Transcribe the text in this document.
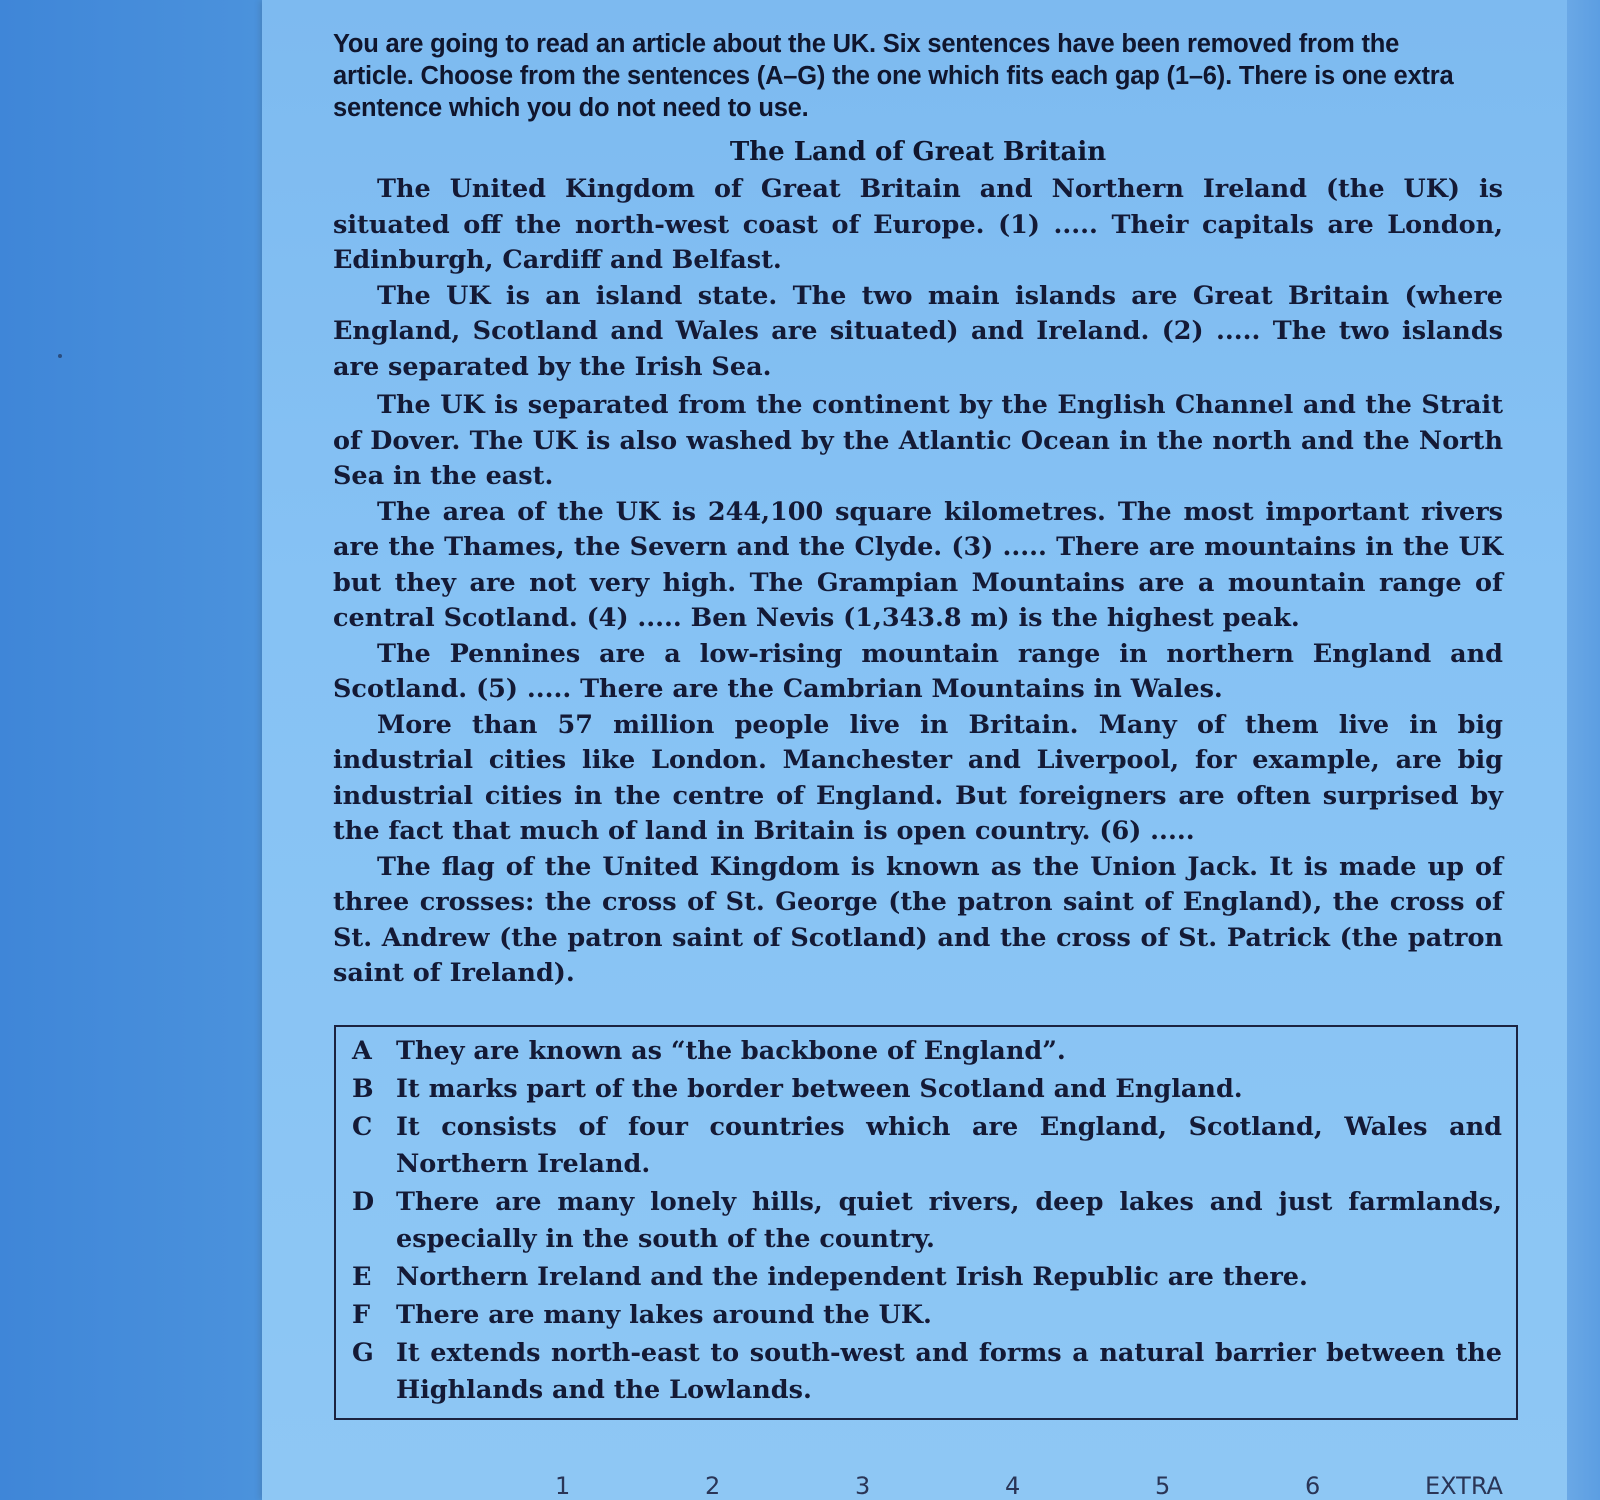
You are going to read an article about the UK. Six sentences have been removed from the article. Choose from the sentences (A–G) the one which fits each gap (1–6). There is one extra sentence which you do not need to use.
The Land of Great Britain

The United Kingdom of Great Britain and Northern Ireland (the UK) is situated off the north-west coast of Europe. (1) ..... Their capitals are London, Edinburgh, Cardiff and Belfast.

The UK is an island state. The two main islands are Great Britain (where England, Scotland and Wales are situated) and Ireland. (2) ..... The two islands are separated by the Irish Sea.

The UK is separated from the continent by the English Channel and the Strait of Dover. The UK is also washed by the Atlantic Ocean in the north and the North Sea in the east.

The area of the UK is 244,100 square kilometres. The most important rivers are the Thames, the Severn and the Clyde. (3) ..... There are mountains in the UK but they are not very high. The Grampian Mountains are a mountain range of central Scotland. (4) ..... Ben Nevis (1,343.8 m) is the highest peak.

The Pennines are a low-rising mountain range in northern England and Scotland. (5) ..... There are the Cambrian Mountains in Wales.

More than 57 million people live in Britain. Many of them live in big industrial cities like London. Manchester and Liverpool, for example, are big industrial cities in the centre of England. But foreigners are often surprised by the fact that much of land in Britain is open country. (6) .....

The flag of the United Kingdom is known as the Union Jack. It is made up of three crosses: the cross of St. George (the patron saint of England), the cross of St. Andrew (the patron saint of Scotland) and the cross of St. Patrick (the patron saint of Ireland).

A They are known as “the backbone of England”.
B It marks part of the border between Scotland and England.
C It consists of four countries which are England, Scotland, Wales and Northern Ireland.
D There are many lonely hills, quiet rivers, deep lakes and just farmlands, especially in the south of the country.
E Northern Ireland and the independent Irish Republic are there.
F	There are many lakes around the UK.
G It extends north-east to south-west and forms a natural barrier between the Highlands and the Lowlands.
1	2	3	4	5	6	EXTRA
